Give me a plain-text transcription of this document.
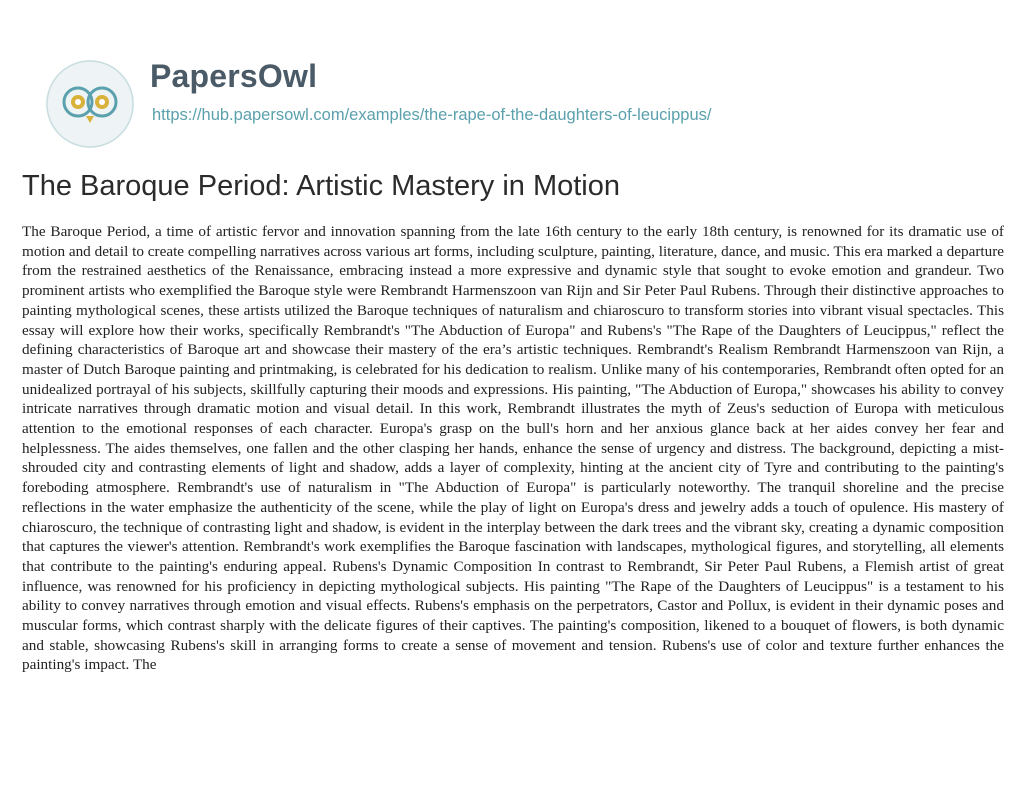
PapersOwl
https://hub.papersowl.com/examples/the-rape-of-the-daughters-of-leucippus/
The Baroque Period: Artistic Mastery in Motion

The Baroque Period, a time of artistic fervor and innovation spanning from the late 16th century to the early 18th century, is renowned for its dramatic use of motion and detail to create compelling narratives across various art forms, including sculpture, painting, literature, dance, and music. This era marked a departure from the restrained aesthetics of the Renaissance, embracing instead a more expressive and dynamic style that sought to evoke emotion and grandeur. Two prominent artists who exemplified the Baroque style were Rembrandt Harmenszoon van Rijn and Sir Peter Paul Rubens. Through their distinctive approaches to painting mythological scenes, these artists utilized the Baroque techniques of naturalism and chiaroscuro to transform stories into vibrant visual spectacles. This essay will explore how their works, specifically Rembrandt's "The Abduction of Europa" and Rubens's "The Rape of the Daughters of Leucippus," reflect the defining characteristics of Baroque art and showcase their mastery of the era’s artistic techniques. Rembrandt's Realism Rembrandt Harmenszoon van Rijn, a master of Dutch Baroque painting and printmaking, is celebrated for his dedication to realism. Unlike many of his contemporaries, Rembrandt often opted for an unidealized portrayal of his subjects, skillfully capturing their moods and expressions. His painting, "The Abduction of Europa," showcases his ability to convey intricate narratives through dramatic motion and visual detail. In this work, Rembrandt illustrates the myth of Zeus's seduction of Europa with meticulous attention to the emotional responses of each character. Europa's grasp on the bull's horn and her anxious glance back at her aides convey her fear and helplessness. The aides themselves, one fallen and the other clasping her hands, enhance the sense of urgency and distress. The background, depicting a mist-shrouded city and contrasting elements of light and shadow, adds a layer of complexity, hinting at the ancient city of Tyre and contributing to the painting's foreboding atmosphere. Rembrandt's use of naturalism in "The Abduction of Europa" is particularly noteworthy. The tranquil shoreline and the precise reflections in the water emphasize the authenticity of the scene, while the play of light on Europa's dress and jewelry adds a touch of opulence. His mastery of chiaroscuro, the technique of contrasting light and shadow, is evident in the interplay between the dark trees and the vibrant sky, creating a dynamic composition that captures the viewer's attention. Rembrandt's work exemplifies the Baroque fascination with landscapes, mythological figures, and storytelling, all elements that contribute to the painting's enduring appeal. Rubens's Dynamic Composition In contrast to Rembrandt, Sir Peter Paul Rubens, a Flemish artist of great influence, was renowned for his proficiency in depicting mythological subjects. His painting "The Rape of the Daughters of Leucippus" is a testament to his ability to convey narratives through emotion and visual effects. Rubens's emphasis on the perpetrators, Castor and Pollux, is evident in their dynamic poses and muscular forms, which contrast sharply with the delicate figures of their captives. The painting's composition, likened to a bouquet of flowers, is both dynamic and stable, showcasing Rubens's skill in arranging forms to create a sense of movement and tension. Rubens's use of color and texture further enhances the painting's impact. The
